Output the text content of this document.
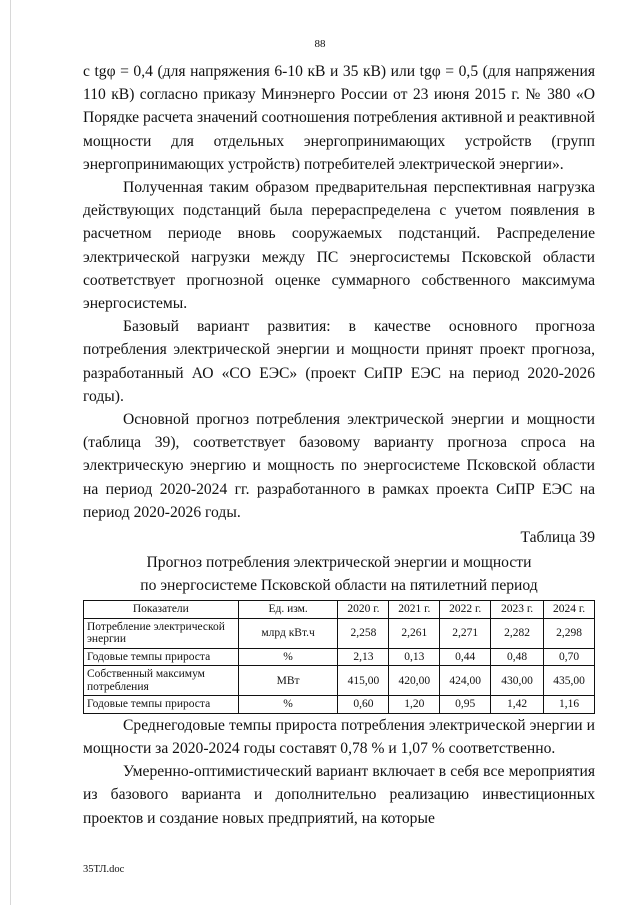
88

с tgφ = 0,4 (для напряжения 6-10 кВ и 35 кВ) или tgφ = 0,5 (для напряжения 110 кВ) согласно приказу Минэнерго России от 23 июня 2015 г. № 380 «О Порядке расчета значений соотношения потребления активной и реактивной мощности для отдельных энергопринимающих устройств (групп энергопринимающих устройств) потребителей электрической энергии».

Полученная таким образом предварительная перспективная нагрузка действующих подстанций была перераспределена с учетом появления в расчетном периоде вновь сооружаемых подстанций. Распределение электрической нагрузки между ПС энергосистемы Псковской области соответствует прогнозной оценке суммарного собственного максимума энергосистемы.

Базовый вариант развития: в качестве основного прогноза потребления электрической энергии и мощности принят проект прогноза, разработанный АО «СО ЕЭС» (проект СиПР ЕЭС на период 2020-2026 годы).

Основной прогноз потребления электрической энергии и мощности (таблица 39), соответствует базовому варианту прогноза спроса на электрическую энергию и мощность по энергосистеме Псковской области на период 2020-2024 гг. разработанного в рамках проекта СиПР ЕЭС на период 2020-2026 годы.

Таблица 39
Прогноз потребления электрической энергии и мощности
по энергосистеме Псковской области на пятилетний период
Показатели	Ед. изм.	2020 г.	2021 г.	2022 г.	2023 г.	2024 г.
Потребление электрической энергии	млрд кВт.ч	2,258	2,261	2,271	2,282	2,298
Годовые темпы прироста	%	2,13	0,13	0,44	0,48	0,70
Собственный максимум потребления	МВт	415,00	420,00	424,00	430,00	435,00
Годовые темпы прироста	%	0,60	1,20	0,95	1,42	1,16

Среднегодовые темпы прироста потребления электрической энергии и мощности за 2020-2024 годы составят 0,78 % и 1,07 % соответственно.

Умеренно-оптимистический вариант включает в себя все мероприятия из базового варианта и дополнительно реализацию инвестиционных проектов и создание новых предприятий, на которые

35ТЛ.doc
